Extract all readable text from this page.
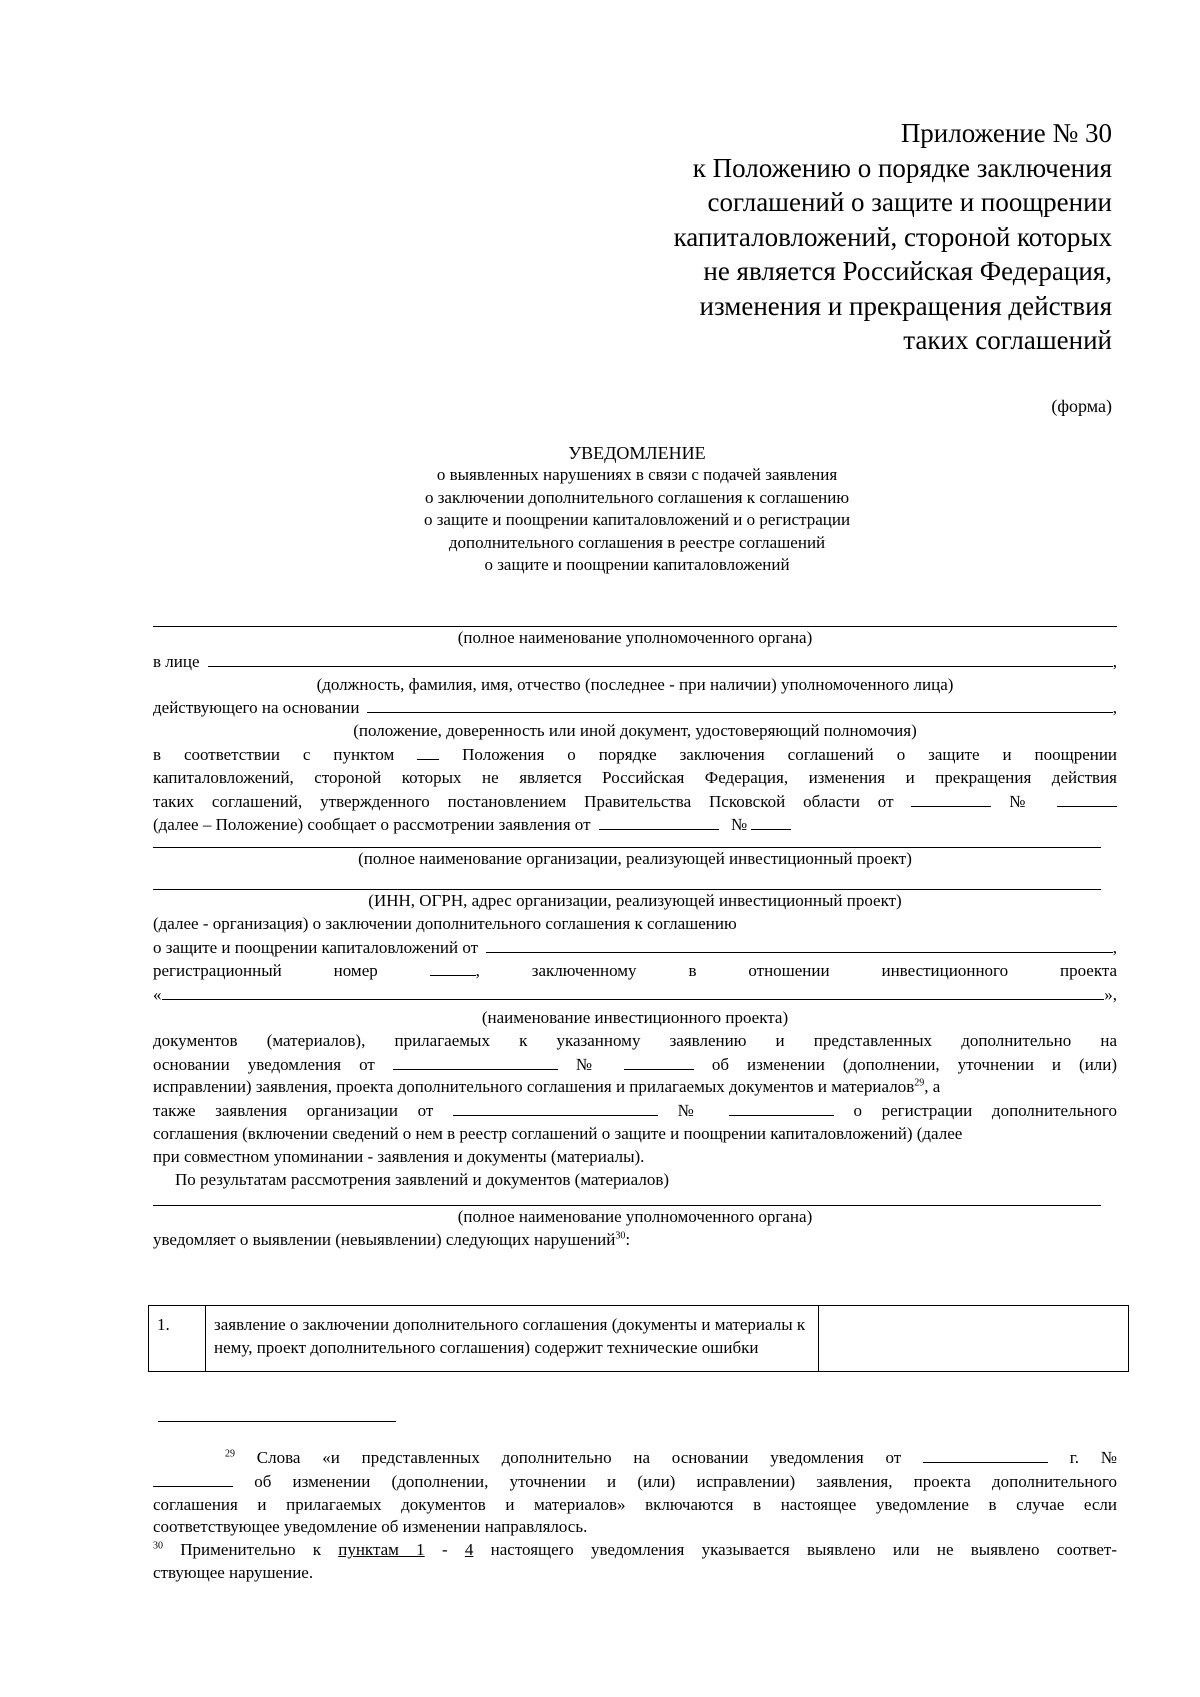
Приложение № 30
к Положению о порядке заключения
соглашений о защите и поощрении
капиталовложений, стороной которых
не является Российская Федерация,
изменения и прекращения действия
таких соглашений
(форма)
УВЕДОМЛЕНИЕ
о выявленных нарушениях в связи с подачей заявления
о заключении дополнительного соглашения к соглашению
о защите и поощрении капиталовложений и о регистрации
дополнительного соглашения в реестре соглашений
о защите и поощрении капиталовложений
(полное наименование уполномоченного органа)
в лице	,
(должность, фамилия, имя, отчество (последнее - при наличии) уполномоченного лица)
действующего на основании	,
(положение, доверенность или иной документ, удостоверяющий полномочия)
в соответствии с пунктом	Положения о порядке заключения соглашений о защите и поощрении
капиталовложений, стороной которых не является Российская Федерация, изменения и прекращения действия
таких соглашений, утвержденного постановлением Правительства Псковской области от	№
(далее – Положение) сообщает о рассмотрении заявления от	№
(полное наименование организации, реализующей инвестиционный проект)
(ИНН, ОГРН, адрес организации, реализующей инвестиционный проект)
(далее - организация) о заключении дополнительного соглашения к соглашению
о защите и поощрении капиталовложений от	,
регистрационный	номер	,	заключенному	в	отношении	инвестиционного	проекта
«	»,
(наименование инвестиционного проекта)
документов (материалов), прилагаемых к указанному заявлению и представленных дополнительно на
основании уведомления от	№	об изменении (дополнении, уточнении и (или)
исправлении) заявления, проекта дополнительного соглашения и прилагаемых документов и материалов$^{29}$, а
также заявления организации от	№	о регистрации дополнительного
соглашения (включении сведений о нем в реестр соглашений о защите и поощрении капиталовложений) (далее
при совместном упоминании - заявления и документы (материалы).
По результатам рассмотрения заявлений и документов (материалов)
(полное наименование уполномоченного органа)
уведомляет о выявлении (невыявлении) следующих нарушений$^{30}$:
1.	заявление о заключении дополнительного соглашения (документы и материалы к нему, проект дополнительного соглашения) содержит технические ошибки	
$^{29}$ Слова «и представленных дополнительно на основании уведомления от	г. №
об изменении (дополнении, уточнении и (или) исправлении) заявления, проекта дополнительного
соглашения и прилагаемых документов и материалов» включаются в настоящее уведомление в случае если
соответствующее уведомление об изменении направлялось.
$^{30}$ Применительно к пунктам 1 - 4 настоящего уведомления указывается выявлено или не выявлено соответ-
ствующее нарушение.
